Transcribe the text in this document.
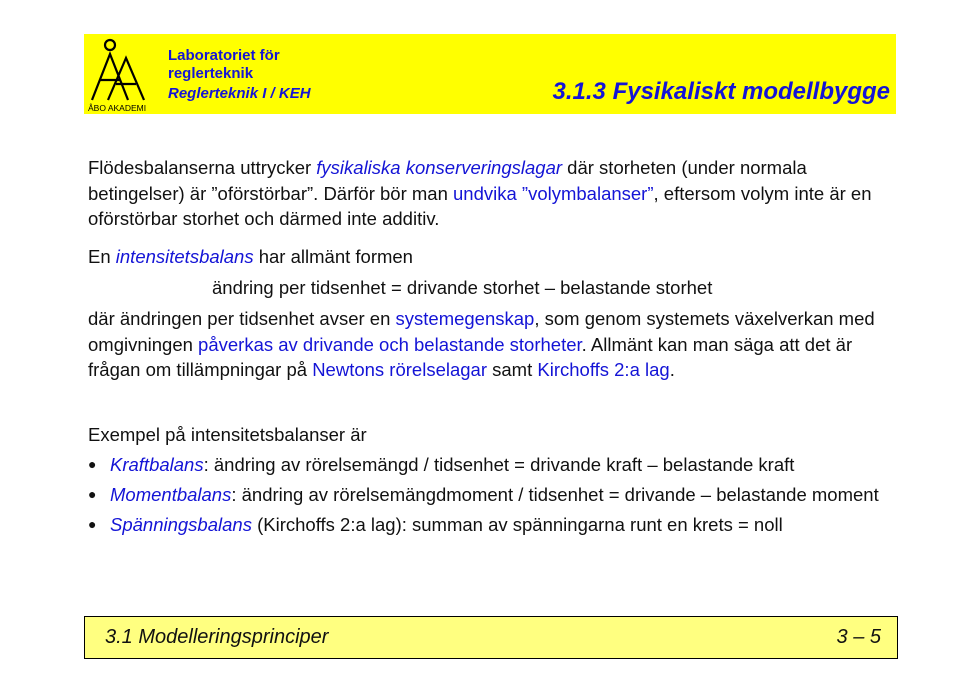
ÅBO AKADEMI
Laboratoriet för
reglerteknik
Reglerteknik I / KEH	3.1.3 Fysikaliskt modellbygge
Flödesbalanserna uttrycker fysikaliska konserveringslagar där storheten (under normala betingelser) är ”oförstörbar”. Därför bör man undvika ”volymbalanser”, eftersom volym inte är en oförstörbar storhet och därmed inte additiv.
En intensitetsbalans har allmänt formen
ändring per tidsenhet = drivande storhet – belastande storhet
där ändringen per tidsenhet avser en systemegenskap, som genom systemets växelverkan med omgivningen påverkas av drivande och belastande storheter. Allmänt kan man säga att det är frågan om tillämpningar på Newtons rörelselagar samt Kirchoffs 2:a lag.
Exempel på intensitetsbalanser är
● Kraftbalans: ändring av rörelsemängd / tidsenhet = drivande kraft – belastande kraft
● Momentbalans: ändring av rörelsemängdmoment / tidsenhet = drivande – belastande moment
● Spänningsbalans (Kirchoffs 2:a lag): summan av spänningarna runt en krets = noll
3.1 Modelleringsprinciper	3 – 5
